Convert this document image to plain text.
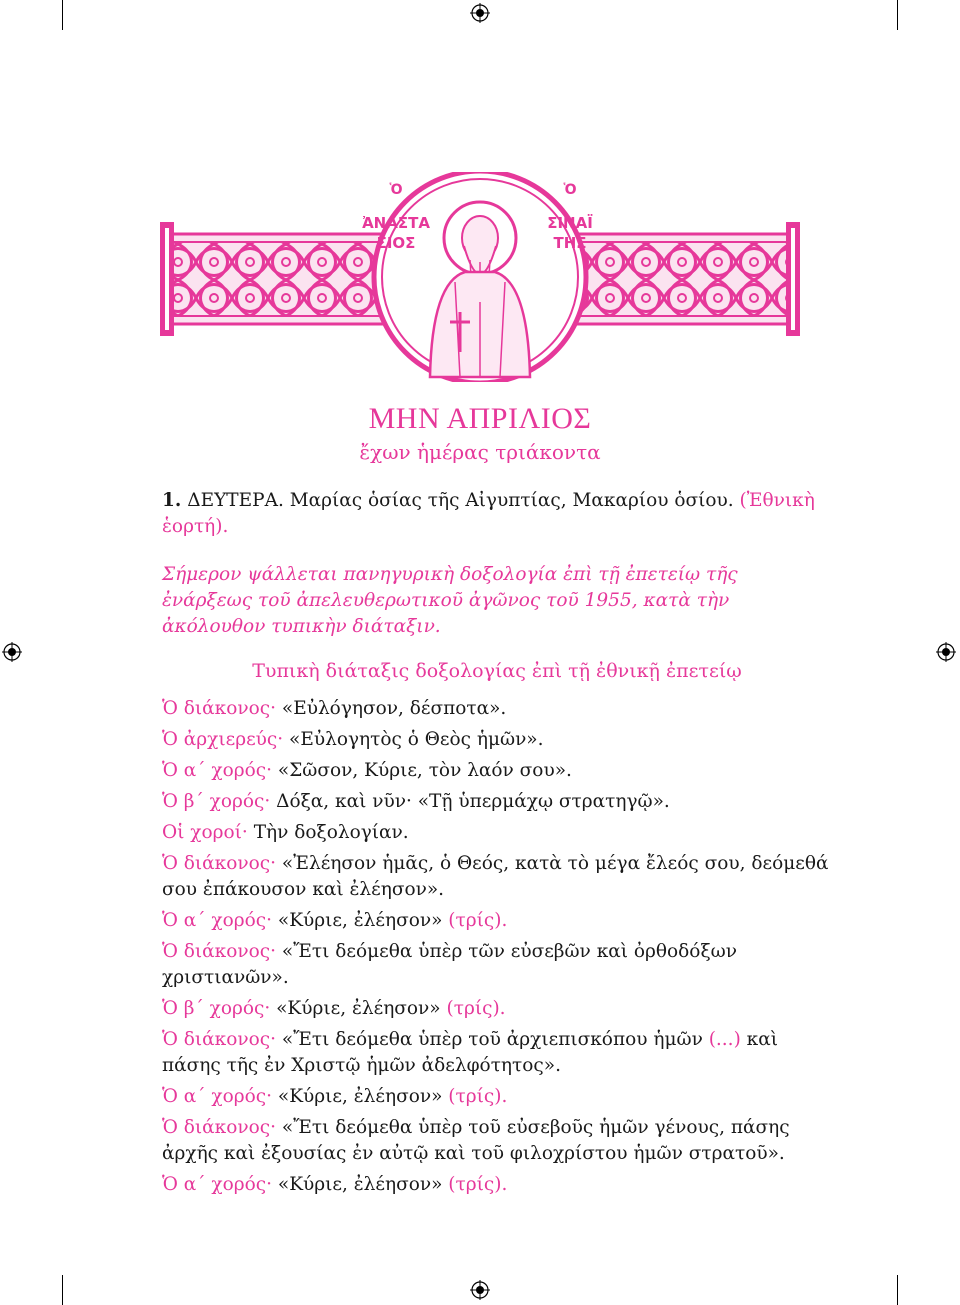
Ὁ
ἈΝΑΣΤΑ
ΣΙΟΣ
Ὁ
ΣΙΝΑΪ
ΤΗΣ
ΜΗΝ ΑΠΡΙΛΙΟΣ
ἔχων ἡμέρας τριάκοντα

1. ΔΕΥΤΕΡΑ. Μαρίας ὁσίας τῆς Αἰγυπτίας, Μακαρίου ὁσίου. (Ἐθνικὴ ἑορτή).

Σήμερον ψάλλεται πανηγυρικὴ δοξολογία ἐπὶ τῇ ἐπετείῳ τῆς ἐνάρξεως τοῦ ἀπελευθερωτικοῦ ἀγῶνος τοῦ 1955, κατὰ τὴν ἀκόλουθον τυπικὴν διάταξιν.

Τυπικὴ διάταξις δοξολογίας ἐπὶ τῇ ἐθνικῇ ἐπετείῳ

Ὁ διάκονος· «Εὐλόγησον, δέσποτα».

Ὁ ἀρχιερεύς· «Εὐλογητὸς ὁ Θεὸς ἡμῶν».

Ὁ α΄ χορός· «Σῶσον, Κύριε, τὸν λαόν σου».

Ὁ β΄ χορός· Δόξα, καὶ νῦν· «Τῇ ὑπερμάχῳ στρατηγῷ».

Οἱ χοροί· Τὴν δοξολογίαν.

Ὁ διάκονος· «Ἐλέησον ἡμᾶς, ὁ Θεός, κατὰ τὸ μέγα ἔλεός σου, δεόμεθά σου ἐπάκουσον καὶ ἐλέησον».

Ὁ α΄ χορός· «Κύριε, ἐλέησον» (τρίς).

Ὁ διάκονος· «Ἔτι δεόμεθα ὑπὲρ τῶν εὐσεβῶν καὶ ὀρθοδόξων χριστιανῶν».

Ὁ β΄ χορός· «Κύριε, ἐλέησον» (τρίς).

Ὁ διάκονος· «Ἔτι δεόμεθα ὑπὲρ τοῦ ἀρχιεπισκόπου ἡμῶν (...) καὶ πάσης τῆς ἐν Χριστῷ ἡμῶν ἀδελφότητος».

Ὁ α΄ χορός· «Κύριε, ἐλέησον» (τρίς).

Ὁ διάκονος· «Ἔτι δεόμεθα ὑπὲρ τοῦ εὐσεβοῦς ἡμῶν γένους, πάσης ἀρχῆς καὶ ἐξουσίας ἐν αὐτῷ καὶ τοῦ φιλοχρίστου ἡμῶν στρατοῦ».

Ὁ α΄ χορός· «Κύριε, ἐλέησον» (τρίς).
